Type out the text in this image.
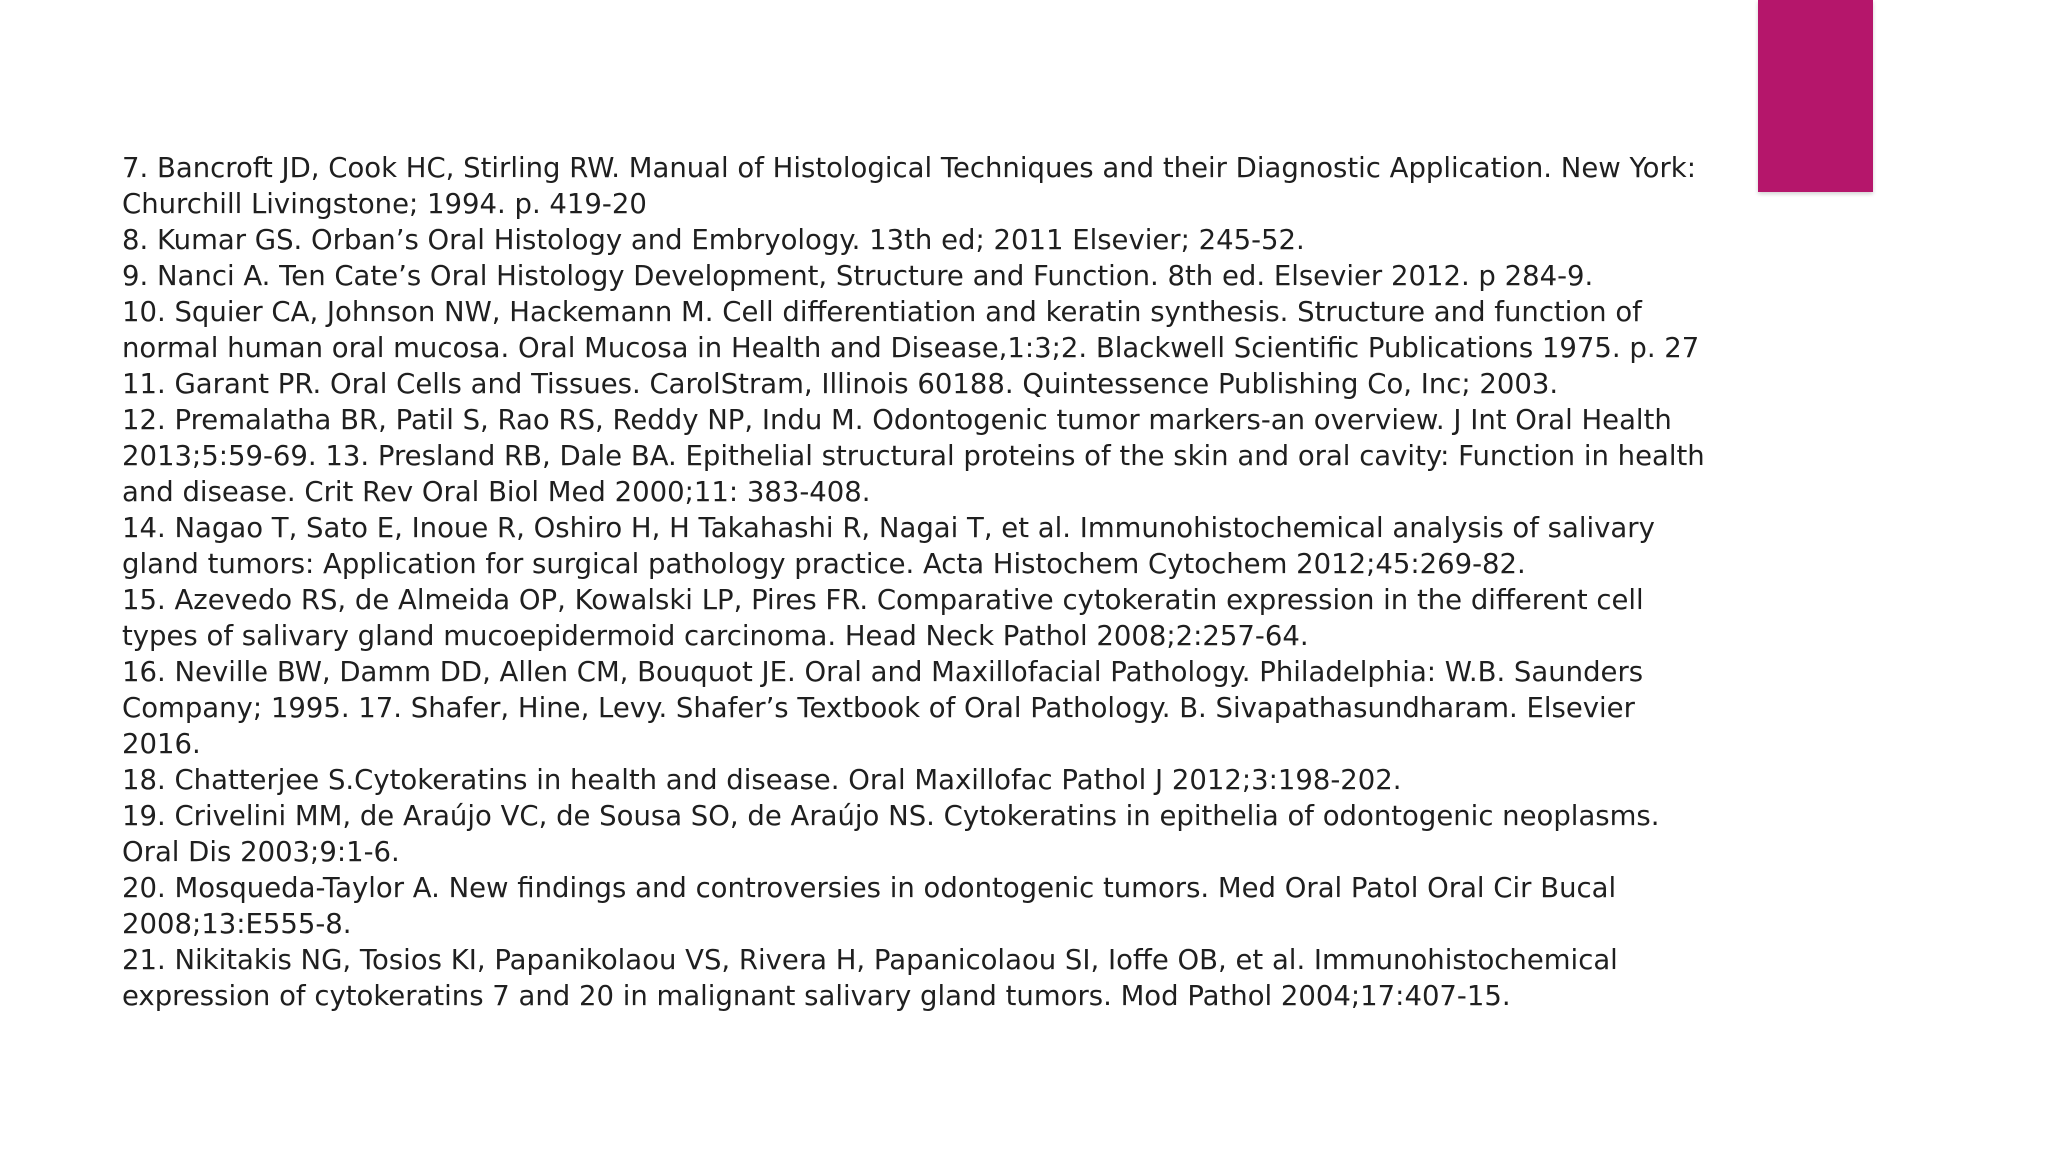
7. Bancroft JD, Cook HC, Stirling RW. Manual of Histological Techniques and their Diagnostic Application. New York: Churchill Livingstone; 1994. p. 419-20
8. Kumar GS. Orban’s Oral Histology and Embryology. 13th ed; 2011 Elsevier; 245-52.
9. Nanci A. Ten Cate’s Oral Histology Development, Structure and Function. 8th ed. Elsevier 2012. p 284-9.
10. Squier CA, Johnson NW, Hackemann M. Cell differentiation and keratin synthesis. Structure and function of normal human oral mucosa. Oral Mucosa in Health and Disease,1:3;2. Blackwell Scientific Publications 1975. p. 27
11. Garant PR. Oral Cells and Tissues. CarolStram, Illinois 60188. Quintessence Publishing Co, Inc; 2003.
12. Premalatha BR, Patil S, Rao RS, Reddy NP, Indu M. Odontogenic tumor markers-an overview. J Int Oral Health 2013;5:59-69. 13. Presland RB, Dale BA. Epithelial structural proteins of the skin and oral cavity: Function in health and disease. Crit Rev Oral Biol Med 2000;11: 383-408.
14. Nagao T, Sato E, Inoue R, Oshiro H, H Takahashi R, Nagai T, et al. Immunohistochemical analysis of salivary gland tumors: Application for surgical pathology practice. Acta Histochem Cytochem 2012;45:269-82.
15. Azevedo RS, de Almeida OP, Kowalski LP, Pires FR. Comparative cytokeratin expression in the different cell types of salivary gland mucoepidermoid carcinoma. Head Neck Pathol 2008;2:257-64.
16. Neville BW, Damm DD, Allen CM, Bouquot JE. Oral and Maxillofacial Pathology. Philadelphia: W.B. Saunders Company; 1995. 17. Shafer, Hine, Levy. Shafer’s Textbook of Oral Pathology. B. Sivapathasundharam. Elsevier 2016.
18. Chatterjee S.Cytokeratins in health and disease. Oral Maxillofac Pathol J 2012;3:198-202.
19. Crivelini MM, de Araújo VC, de Sousa SO, de Araújo NS. Cytokeratins in epithelia of odontogenic neoplasms. Oral Dis 2003;9:1-6.
20. Mosqueda-Taylor A. New findings and controversies in odontogenic tumors. Med Oral Patol Oral Cir Bucal 2008;13:E555-8.
21. Nikitakis NG, Tosios KI, Papanikolaou VS, Rivera H, Papanicolaou SI, Ioffe OB, et al. Immunohistochemical expression of cytokeratins 7 and 20 in malignant salivary gland tumors. Mod Pathol 2004;17:407-15.
